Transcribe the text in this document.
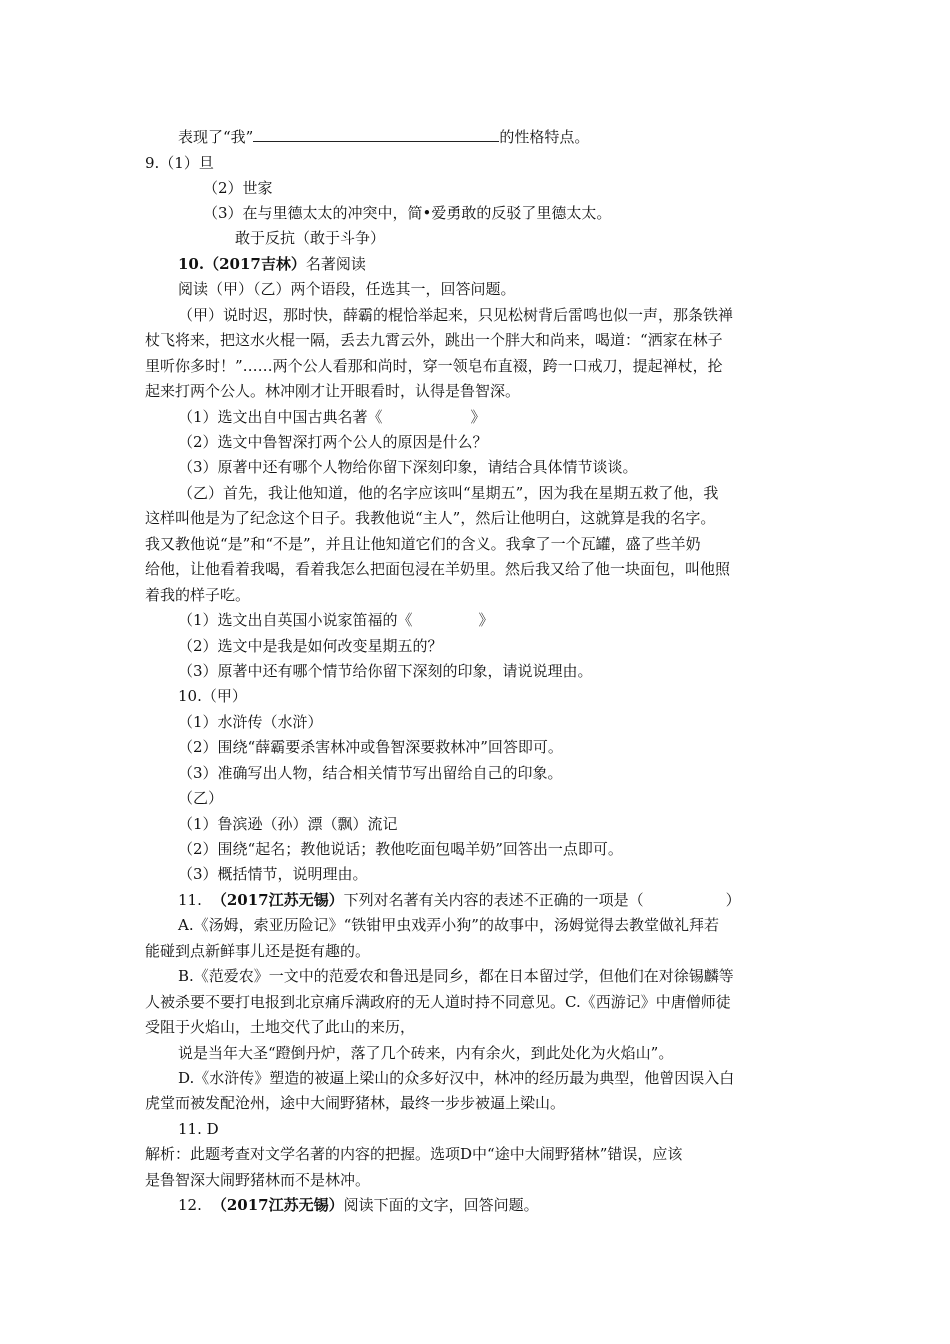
表现了“我”	的性格特点。
9.（1）旦
（2）世家
（3）在与里德太太的冲突中，简•爱勇敢的反驳了里德太太。
敢于反抗（敢于斗争）
10.（2017吉林）名著阅读
阅读（甲）（乙）两个语段，任选其一，回答问题。
（甲）说时迟，那时快，薛霸的棍恰举起来，只见松树背后雷鸣也似一声，那条铁禅
杖飞将来，把这水火棍一隔，丢去九霄云外，跳出一个胖大和尚来，喝道：“洒家在林子
里听你多时！”……两个公人看那和尚时，穿一领皂布直裰，跨一口戒刀，提起禅杖，抡
起来打两个公人。林冲刚才让开眼看时，认得是鲁智深。
（1）选文出自中国古典名著《	》
（2）选文中鲁智深打两个公人的原因是什么？
（3）原著中还有哪个人物给你留下深刻印象，请结合具体情节谈谈。
（乙）首先，我让他知道，他的名字应该叫“星期五”，因为我在星期五救了他，我
这样叫他是为了纪念这个日子。我教他说“主人”，然后让他明白，这就算是我的名字。
我又教他说“是”和“不是”，并且让他知道它们的含义。我拿了一个瓦罐，盛了些羊奶
给他，让他看着我喝，看着我怎么把面包浸在羊奶里。然后我又给了他一块面包，叫他照
着我的样子吃。
（1）选文出自英国小说家笛福的《	》
（2）选文中是我是如何改变星期五的？
（3）原著中还有哪个情节给你留下深刻的印象，请说说理由。
10.（甲）
（1）水浒传（水浒）
（2）围绕“薛霸要杀害林冲或鲁智深要救林冲”回答即可。
（3）准确写出人物，结合相关情节写出留给自己的印象。
（乙）
（1）鲁滨逊（孙）漂（飘）流记
（2）围绕“起名；教他说话；教他吃面包喝羊奶”回答出一点即可。
（3）概括情节，说明理由。
11. （2017江苏无锡）下列对名著有关内容的表述不正确的一项是（	）
A.《汤姆，索亚历险记》“铁钳甲虫戏弄小狗”的故事中，汤姆觉得去教堂做礼拜若
能碰到点新鲜事儿还是挺有趣的。
B.《范爱农》一文中的范爱农和鲁迅是同乡，都在日本留过学，但他们在对徐锡麟等
人被杀要不要打电报到北京痛斥满政府的无人道时持不同意见。C.《西游记》中唐僧师徒
受阻于火焰山，土地交代了此山的来历，
说是当年大圣“蹬倒丹炉，落了几个砖来，内有余火，到此处化为火焰山”。
D.《水浒传》塑造的被逼上梁山的众多好汉中，林冲的经历最为典型，他曾因误入白
虎堂而被发配沧州，途中大闹野猪林，最终一步步被逼上梁山。
11. D
解析：此题考查对文学名著的内容的把握。选项D中“途中大闹野猪林”错误，应该
是鲁智深大闹野猪林而不是林冲。
12. （2017江苏无锡）阅读下面的文字，回答问题。
